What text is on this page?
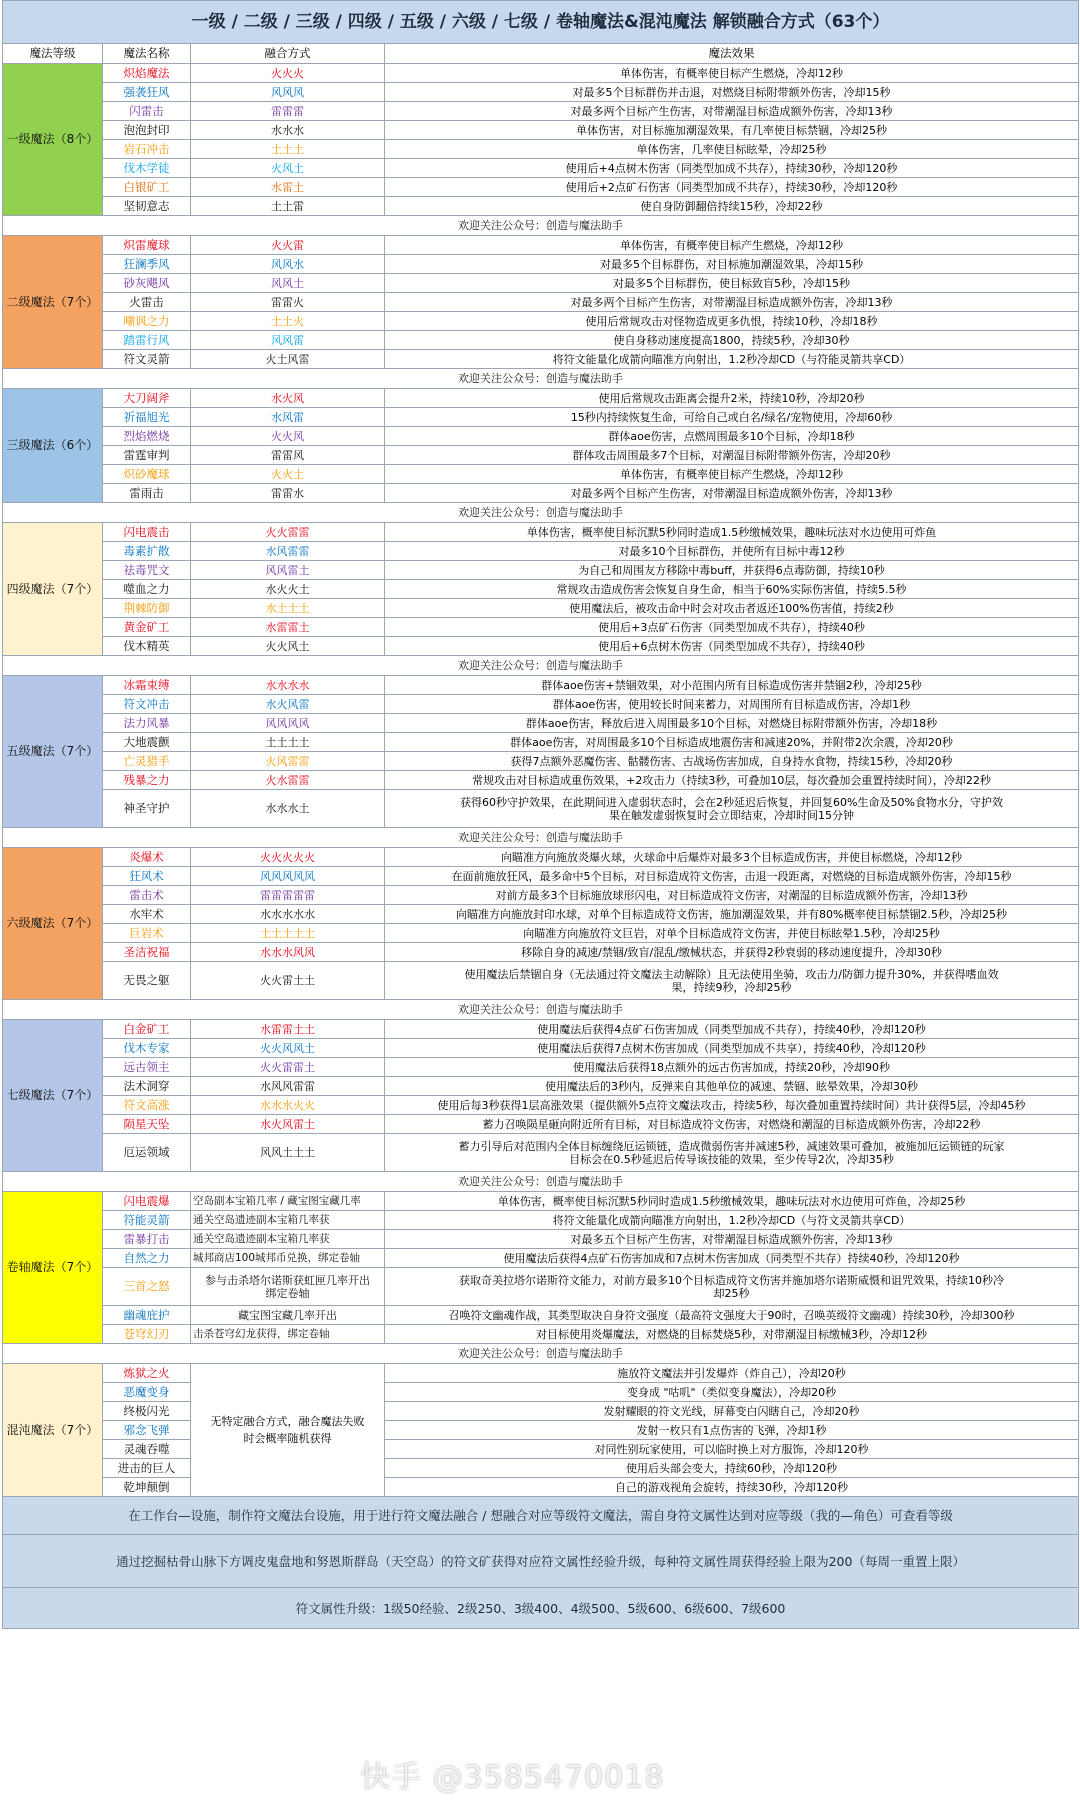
一级 / 二级 / 三级 / 四级 / 五级 / 六级 / 七级 / 卷轴魔法&混沌魔法 解锁融合方式（63个）			
魔法等级	魔法名称	融合方式	魔法效果
一级魔法（8个）	炽焰魔法	火火火	单体伤害，有概率使目标产生燃烧，冷却12秒
	强袭狂风	风风风	对最多5个目标群伤并击退，对燃烧目标附带额外伤害，冷却15秒
	闪雷击	雷雷雷	对最多两个目标产生伤害，对带潮湿目标造成额外伤害，冷却13秒
	泡泡封印	水水水	单体伤害，对目标施加潮湿效果，有几率使目标禁锢，冷却25秒
	岩石冲击	土土土	单体伤害，几率使目标眩晕，冷却25秒
	伐木学徒	火风土	使用后+4点树木伤害（同类型加成不共存），持续30秒，冷却120秒
	白银矿工	水雷土	使用后+2点矿石伤害（同类型加成不共存），持续30秒，冷却120秒
	坚韧意志	土土雷	使自身防御翻倍持续15秒，冷却22秒
欢迎关注公众号：创造与魔法助手			
二级魔法（7个）	炽雷魔球	火火雷	单体伤害，有概率使目标产生燃烧，冷却12秒
	狂澜季风	风风水	对最多5个目标群伤，对目标施加潮湿效果，冷却15秒
	砂灰飓风	风风土	对最多5个目标群伤，使目标致盲5秒，冷却15秒
	火雷击	雷雷火	对最多两个目标产生伤害，对带潮湿目标造成额外伤害，冷却13秒
	嘲讽之力	土土火	使用后常规攻击对怪物造成更多仇恨，持续10秒，冷却18秒
	踏雷行风	风风雷	使自身移动速度提高1800，持续5秒，冷却30秒
	符文灵箭	火土风雷	将符文能量化成箭向瞄准方向射出，1.2秒冷却CD（与符能灵箭共享CD）
欢迎关注公众号：创造与魔法助手			
三级魔法（6个）	大刀阔斧	水火风	使用后常规攻击距离会提升2米，持续10秒，冷却20秒
	祈福旭光	水风雷	15秒内持续恢复生命，可给自己或白名/绿名/宠物使用，冷却60秒
	烈焰燃烧	火火风	群体aoe伤害，点燃周围最多10个目标，冷却18秒
	雷霆审判	雷雷风	群体攻击周围最多7个目标，对潮湿目标附带额外伤害，冷却20秒
	炽砂魔球	火火土	单体伤害，有概率使目标产生燃烧，冷却12秒
	雷雨击	雷雷水	对最多两个目标产生伤害，对带潮湿目标造成额外伤害，冷却13秒
欢迎关注公众号：创造与魔法助手			
四级魔法（7个）	闪电震击	火火雷雷	单体伤害，概率使目标沉默5秒同时造成1.5秒缴械效果，趣味玩法对水边使用可炸鱼
	毒素扩散	水风雷雷	对最多10个目标群伤，并使所有目标中毒12秒
	祛毒咒文	风风雷土	为自己和周围友方移除中毒buff，并获得6点毒防御，持续10秒
	噬血之力	水火火土	常规攻击造成伤害会恢复自身生命，相当于60%实际伤害值，持续5.5秒
	荆棘防御	水土土土	使用魔法后，被攻击命中时会对攻击者返还100%伤害值，持续2秒
	黄金矿工	水雷雷土	使用后+3点矿石伤害（同类型加成不共存），持续40秒
	伐木精英	火火风土	使用后+6点树木伤害（同类型加成不共存），持续40秒
欢迎关注公众号：创造与魔法助手			
五级魔法（7个）	冰霜束缚	水水水水	群体aoe伤害+禁锢效果，对小范围内所有目标造成伤害并禁锢2秒，冷却25秒
	符文冲击	水火风雷	群体aoe伤害，使用较长时间来蓄力，对周围所有目标造成伤害，冷却1秒
	法力风暴	风风风风	群体aoe伤害，释放后进入周围最多10个目标，对燃烧目标附带额外伤害，冷却18秒
	大地震颤	土土土土	群体aoe伤害，对周围最多10个目标造成地震伤害和减速20%，并附带2次余震，冷却20秒
	亡灵猎手	火风雷雷	获得7点额外恶魔伤害、骷髅伤害、古战场伤害加成，自身持水食物，持续15秒，冷却20秒
	残暴之力	火水雷雷	常规攻击对目标造成重伤效果，+2攻击力（持续3秒，可叠加10层，每次叠加会重置持续时间），冷却22秒
	神圣守护	水水水土	获得60秒守护效果，在此期间进入虚弱状态时，会在2秒延迟后恢复，并回复60%生命及50%食物水分，守护效果在触发虚弱恢复时会立即结束，冷却时间15分钟
欢迎关注公众号：创造与魔法助手			
六级魔法（7个）	炎爆术	火火火火火	向瞄准方向施放炎爆火球，火球命中后爆炸对最多3个目标造成伤害，并使目标燃烧，冷却12秒
	狂风术	风风风风风	在面前施放狂风，最多命中5个目标，对目标造成符文伤害，击退一段距离，对燃烧的目标造成额外伤害，冷却15秒
	雷击术	雷雷雷雷雷	对前方最多3个目标施放球形闪电，对目标造成符文伤害，对潮湿的目标造成额外伤害，冷却13秒
	水牢术	水水水水水	向瞄准方向施放封印水球，对单个目标造成符文伤害，施加潮湿效果，并有80%概率使目标禁锢2.5秒，冷却25秒
	巨岩术	土土土土土	向瞄准方向施放符文巨岩，对单个目标造成符文伤害，并使目标眩晕1.5秒，冷却25秒
	圣洁祝福	水水水风风	移除自身的减速/禁锢/致盲/混乱/缴械状态，并获得2秒衰弱的移动速度提升，冷却30秒
	无畏之躯	火火雷土土	使用魔法后禁锢自身（无法通过符文魔法主动解除）且无法使用坐骑，攻击力/防御力提升30%，并获得嗜血效果，持续9秒，冷却25秒
欢迎关注公众号：创造与魔法助手			
七级魔法（7个）	白金矿工	水雷雷土土	使用魔法后获得4点矿石伤害加成（同类型加成不共存），持续40秒，冷却120秒
	伐木专家	火火风风土	使用魔法后获得7点树木伤害加成（同类型加成不共享），持续40秒，冷却120秒
	远古领主	火火雷雷土	使用魔法后获得18点额外的远古伤害加成，持续20秒，冷却90秒
	法术洞穿	水风风雷雷	使用魔法后的3秒内，反弹来自其他单位的减速、禁锢、眩晕效果，冷却30秒
	符文高涨	水水水火火	使用后每3秒获得1层高涨效果（提供额外5点符文魔法攻击，持续5秒，每次叠加重置持续时间）共计获得5层，冷却45秒
	陨星天坠	水火风雷土	蓄力召唤陨星砸向附近所有目标，对目标造成符文伤害，对燃烧和潮湿的目标造成额外伤害，冷却22秒
	厄运领域	风风土土土	蓄力引导后对范围内全体目标缠绕厄运锁链，造成微弱伤害并减速5秒，减速效果可叠加，被施加厄运锁链的玩家目标会在0.5秒延迟后传导该技能的效果，至少传导2次，冷却35秒
欢迎关注公众号：创造与魔法助手			
卷轴魔法（7个）	闪电震爆	空岛副本宝箱几率 / 藏宝图宝藏几率	单体伤害，概率使目标沉默5秒同时造成1.5秒缴械效果，趣味玩法对水边使用可炸鱼，冷却25秒
	符能灵箭	通关空岛遗迹副本宝箱几率获	将符文能量化成箭向瞄准方向射出，1.2秒冷却CD（与符文灵箭共享CD）
	雷暴打击	通关空岛遗迹副本宝箱几率获	对最多五个目标产生伤害，对带潮湿目标造成额外伤害，冷却13秒
	自然之力	城邦商店100城邦币兑换，绑定卷轴	使用魔法后获得4点矿石伤害加成和7点树木伤害加成（同类型不共存）持续40秒，冷却120秒
	三首之怒	参与击杀塔尔诺斯获虹匣几率开出绑定卷轴	获取奇美拉塔尔诺斯符文能力，对前方最多10个目标造成符文伤害并施加塔尔诺斯威慑和诅咒效果，持续10秒冷却25秒
	幽魂庇护	藏宝图宝藏几率开出	召唤符文幽魂作战，其类型取决自身符文强度（最高符文强度大于90时，召唤英级符文幽魂）持续30秒，冷却300秒
	苍穹幻刃	击杀苍穹幻龙获得，绑定卷轴	对目标使用炎爆魔法，对燃烧的目标焚烧5秒，对带潮湿目标缴械3秒，冷却12秒
欢迎关注公众号：创造与魔法助手			
混沌魔法（7个）	炼狱之火	无特定融合方式，融合魔法失败时会概率随机获得	施放符文魔法并引发爆炸（炸自己），冷却20秒
	恶魔变身		变身成 "咕叽"（类似变身魔法），冷却20秒
	终极闪光		发射耀眼的符文光线，屏幕变白闪瞎自己，冷却20秒
	邪念飞弹		发射一枚只有1点伤害的飞弹，冷却1秒
	灵魂吞噬		对同性别玩家使用，可以临时换上对方服饰，冷却120秒
	进击的巨人		使用后头部会变大，持续60秒，冷却120秒
	乾坤颠倒		自己的游戏视角会旋转，持续30秒，冷却120秒
在工作台—设施，制作符文魔法台设施，用于进行符文魔法融合 / 想融合对应等级符文魔法，需自身符文属性达到对应等级（我的—角色）可查看等级			
通过挖掘枯骨山脉下方调皮鬼盘地和努恩斯群岛（天空岛）的符文矿获得对应符文属性经验升级，每种符文属性周获得经验上限为200（每周一重置上限）			
符文属性升级：1级50经验、2级250、3级400、4级500、5级600、6级600、7级600			
快手 @3585470018
